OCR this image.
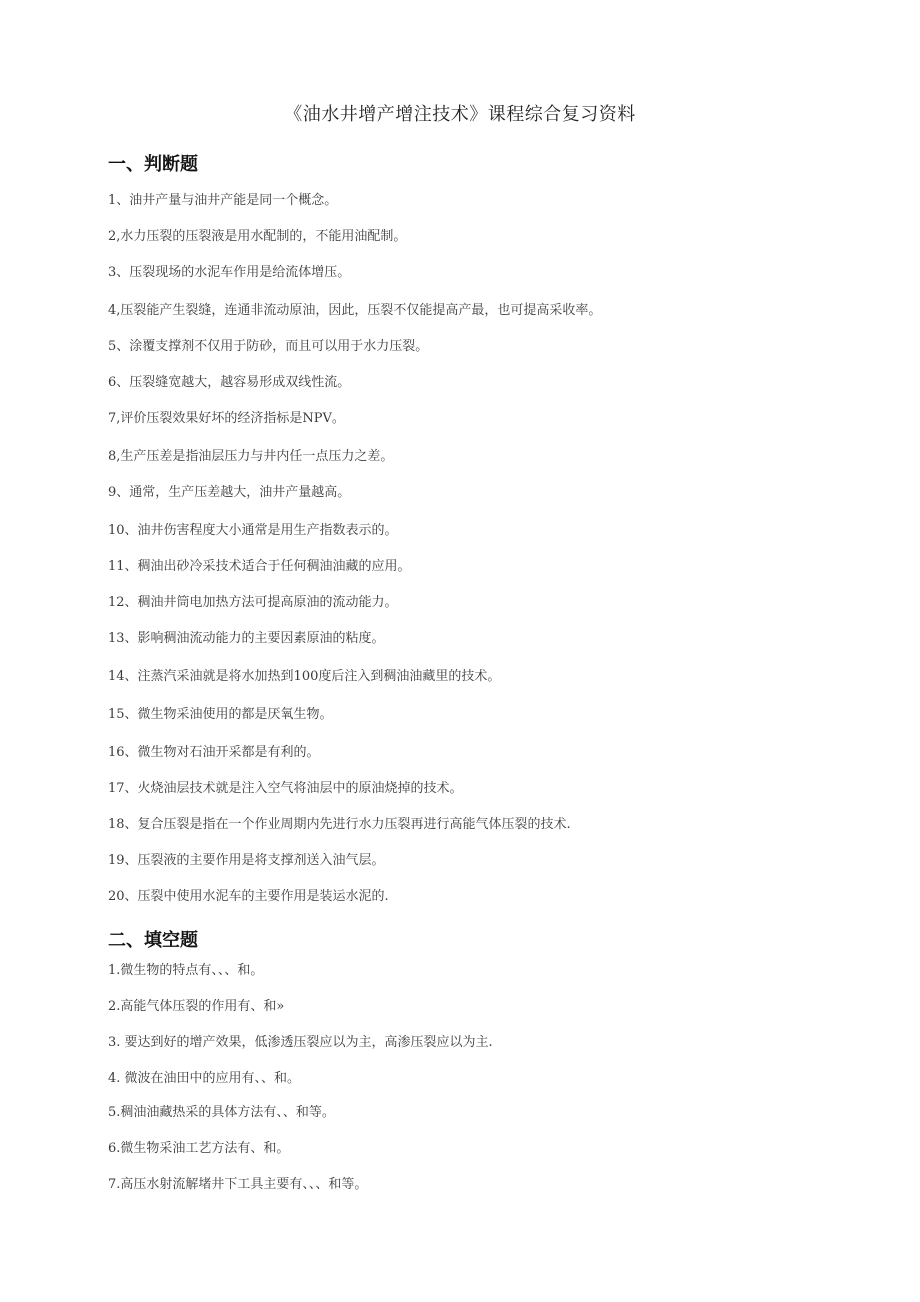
《油水井增产增注技术》课程综合复习资料
一、判断题
1、油井产量与油井产能是同一个概念。
2,水力压裂的压裂液是用水配制的，不能用油配制。
3、压裂现场的水泥车作用是给流体增压。
4,压裂能产生裂缝，连通非流动原油，因此，压裂不仅能提高产最，也可提高采收率。
5、涂覆支撑剂不仅用于防砂，而且可以用于水力压裂。
6、压裂缝宽越大，越容易形成双线性流。
7,评价压裂效果好坏的经济指标是NPV。
8,生产压差是指油层压力与井内任一点压力之差。
9、通常，生产压差越大，油井产量越高。
10、油井伤害程度大小通常是用生产指数表示的。
11、稠油出砂冷采技术适合于任何稠油油藏的应用。
12、稠油井筒电加热方法可提高原油的流动能力。
13、影响稠油流动能力的主要因素原油的粘度。
14、注蒸汽采油就是将水加热到100度后注入到稠油油藏里的技术。
15、微生物采油使用的都是厌氧生物。
16、微生物对石油开采都是有利的。
17、火烧油层技术就是注入空气将油层中的原油烧掉的技术。
18、复合压裂是指在一个作业周期内先进行水力压裂再进行高能气体压裂的技术.
19、压裂液的主要作用是将支撑剂送入油气层。
20、压裂中使用水泥车的主要作用是装运水泥的.
二、填空题
1.微生物的特点有、、、和。
2.高能气体压裂的作用有、和»
3. 要达到好的增产效果，低渗透压裂应以为主，高渗压裂应以为主.
4. 微波在油田中的应用有、、和。
5.稠油油藏热采的具体方法有、、和等。
6.微生物采油工艺方法有、和。
7.高压水射流解堵井下工具主要有、、、和等。
